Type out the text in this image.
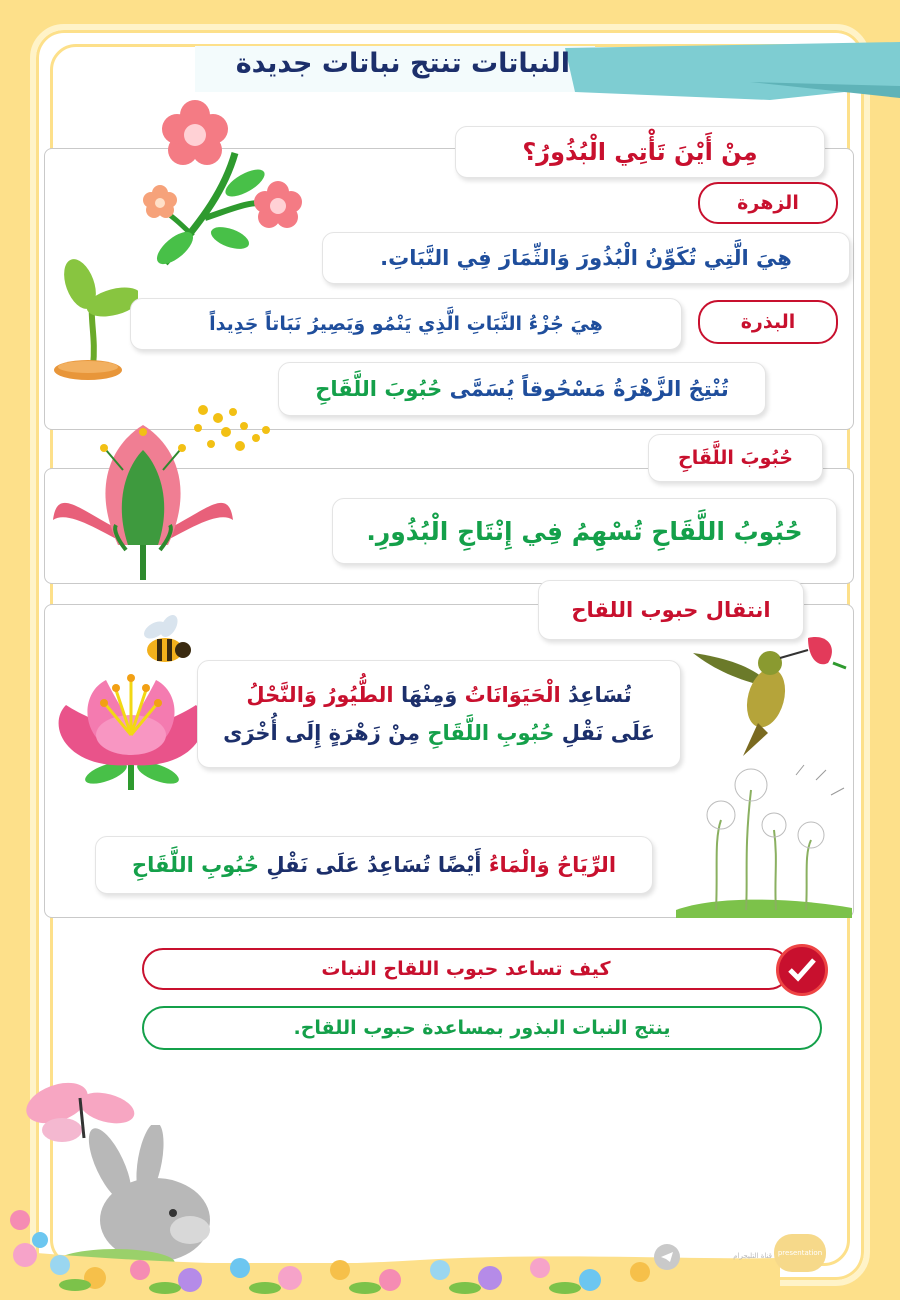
النباتات تنتج نباتات جديدة
مِنْ أَيْنَ تَأْتِي الْبُذُورُ؟
الزهرة
هِيَ الَّتِي تُكَوِّنُ الْبُذُورَ وَالثِّمَارَ فِي النَّبَاتِ.
البذرة
هِيَ جُزْءُ النَّبَاتِ الَّذِي يَنْمُو وَيَصِيرُ نَبَاتاً جَدِيداً
تُنْتِجُ الزَّهْرَةُ مَسْحُوقاً يُسَمَّى حُبُوبَ اللَّقَاحِ
حُبُوبَ اللَّقَاحِ
حُبُوبُ اللَّقَاحِ تُسْهِمُ فِي إِنْتَاجِ الْبُذُورِ.
انتقال حبوب اللقاح
تُسَاعِدُ الْحَيَوَانَاتُ وَمِنْهَا الطُّيُورُ وَالنَّحْلُ
عَلَى نَقْلِ حُبُوبِ اللَّقَاحِ مِنْ زَهْرَةٍ إِلَى أُخْرَى
الرِّيَاحُ وَالْمَاءُ أَيْضًا تُسَاعِدُ عَلَى نَقْلِ حُبُوبِ اللَّقَاحِ
كيف تساعد حبوب اللقاح النبات
ينتج النبات البذور بمساعدة حبوب اللقاح.
قناة التليجرام presentation
